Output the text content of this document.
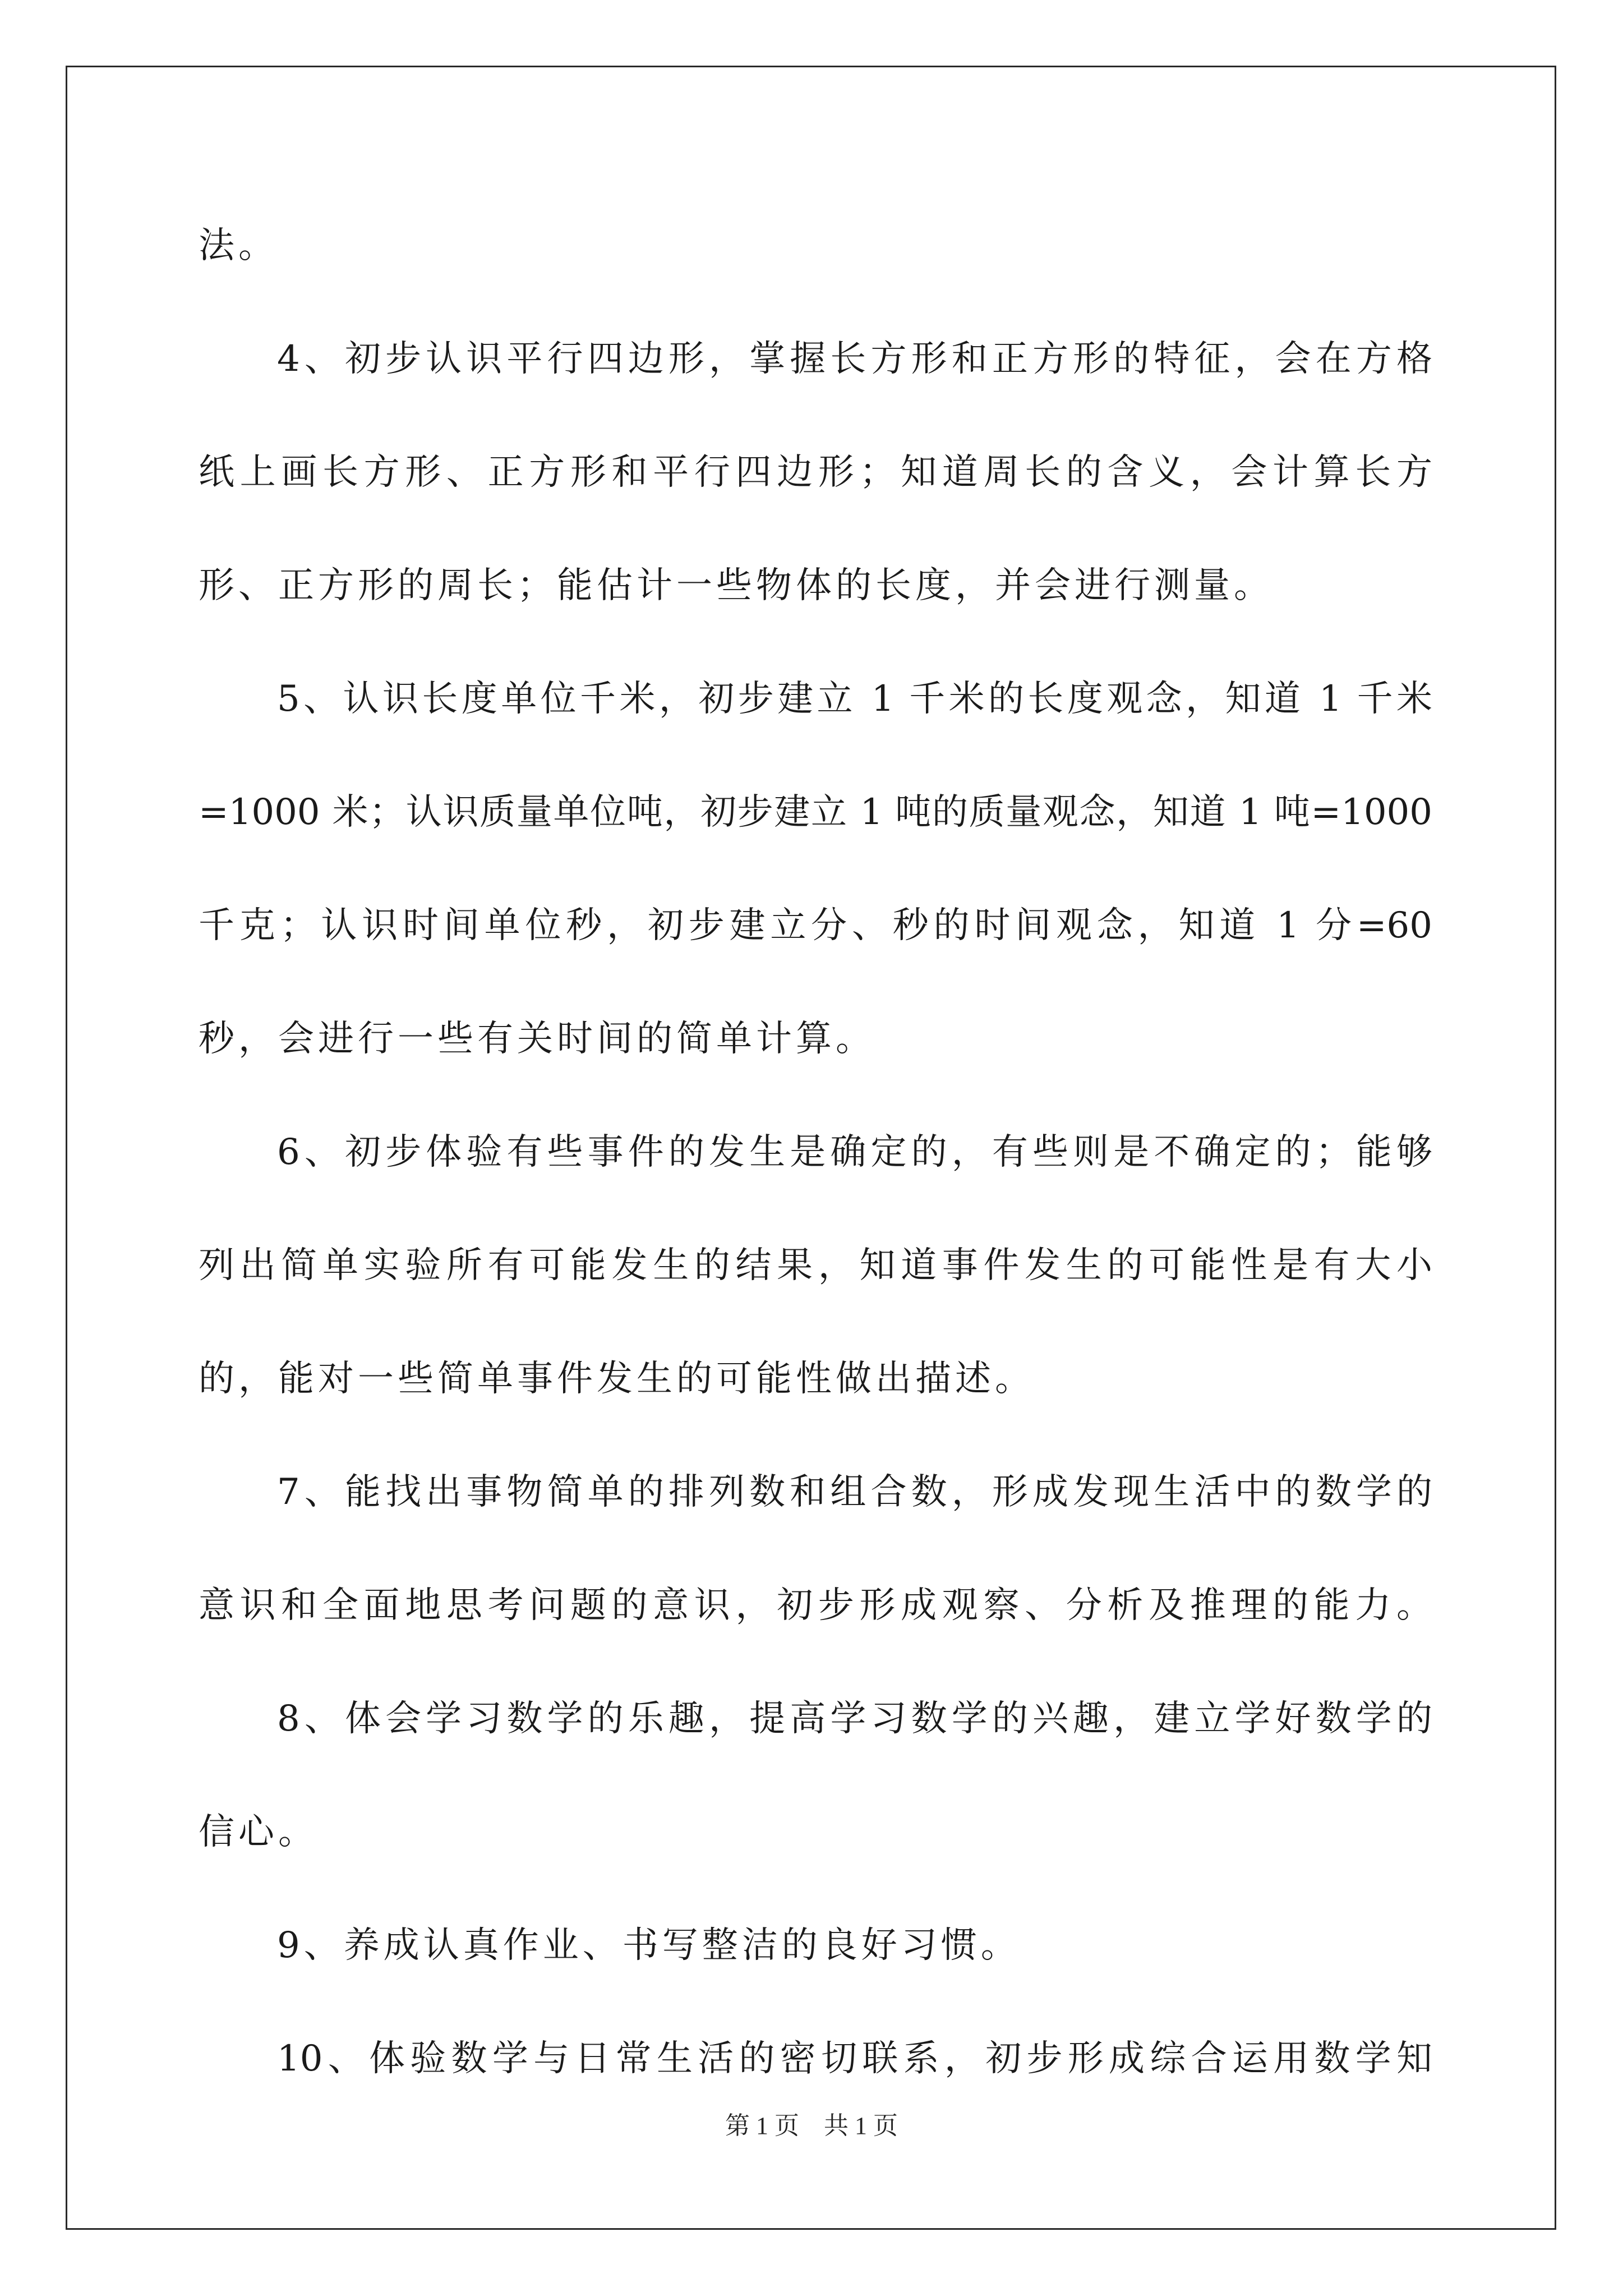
法。
4、初步认识平行四边形，掌握长方形和正方形的特征，会在方格
纸上画长方形、正方形和平行四边形；知道周长的含义，会计算长方
形、正方形的周长；能估计一些物体的长度，并会进行测量。
5、认识长度单位千米，初步建立 1 千米的长度观念，知道 1 千米
=1000 米；认识质量单位吨，初步建立 1 吨的质量观念，知道 1 吨=1000
千克；认识时间单位秒，初步建立分、秒的时间观念，知道 1 分=60
秒，会进行一些有关时间的简单计算。
6、初步体验有些事件的发生是确定的，有些则是不确定的；能够
列出简单实验所有可能发生的结果，知道事件发生的可能性是有大小
的，能对一些简单事件发生的可能性做出描述。
7、能找出事物简单的排列数和组合数，形成发现生活中的数学的
意识和全面地思考问题的意识，初步形成观察、分析及推理的能力。
8、体会学习数学的乐趣，提高学习数学的兴趣，建立学好数学的
信心。
9、养成认真作业、书写整洁的良好习惯。
10、体验数学与日常生活的密切联系，初步形成综合运用数学知
第 1 页　共 1 页
